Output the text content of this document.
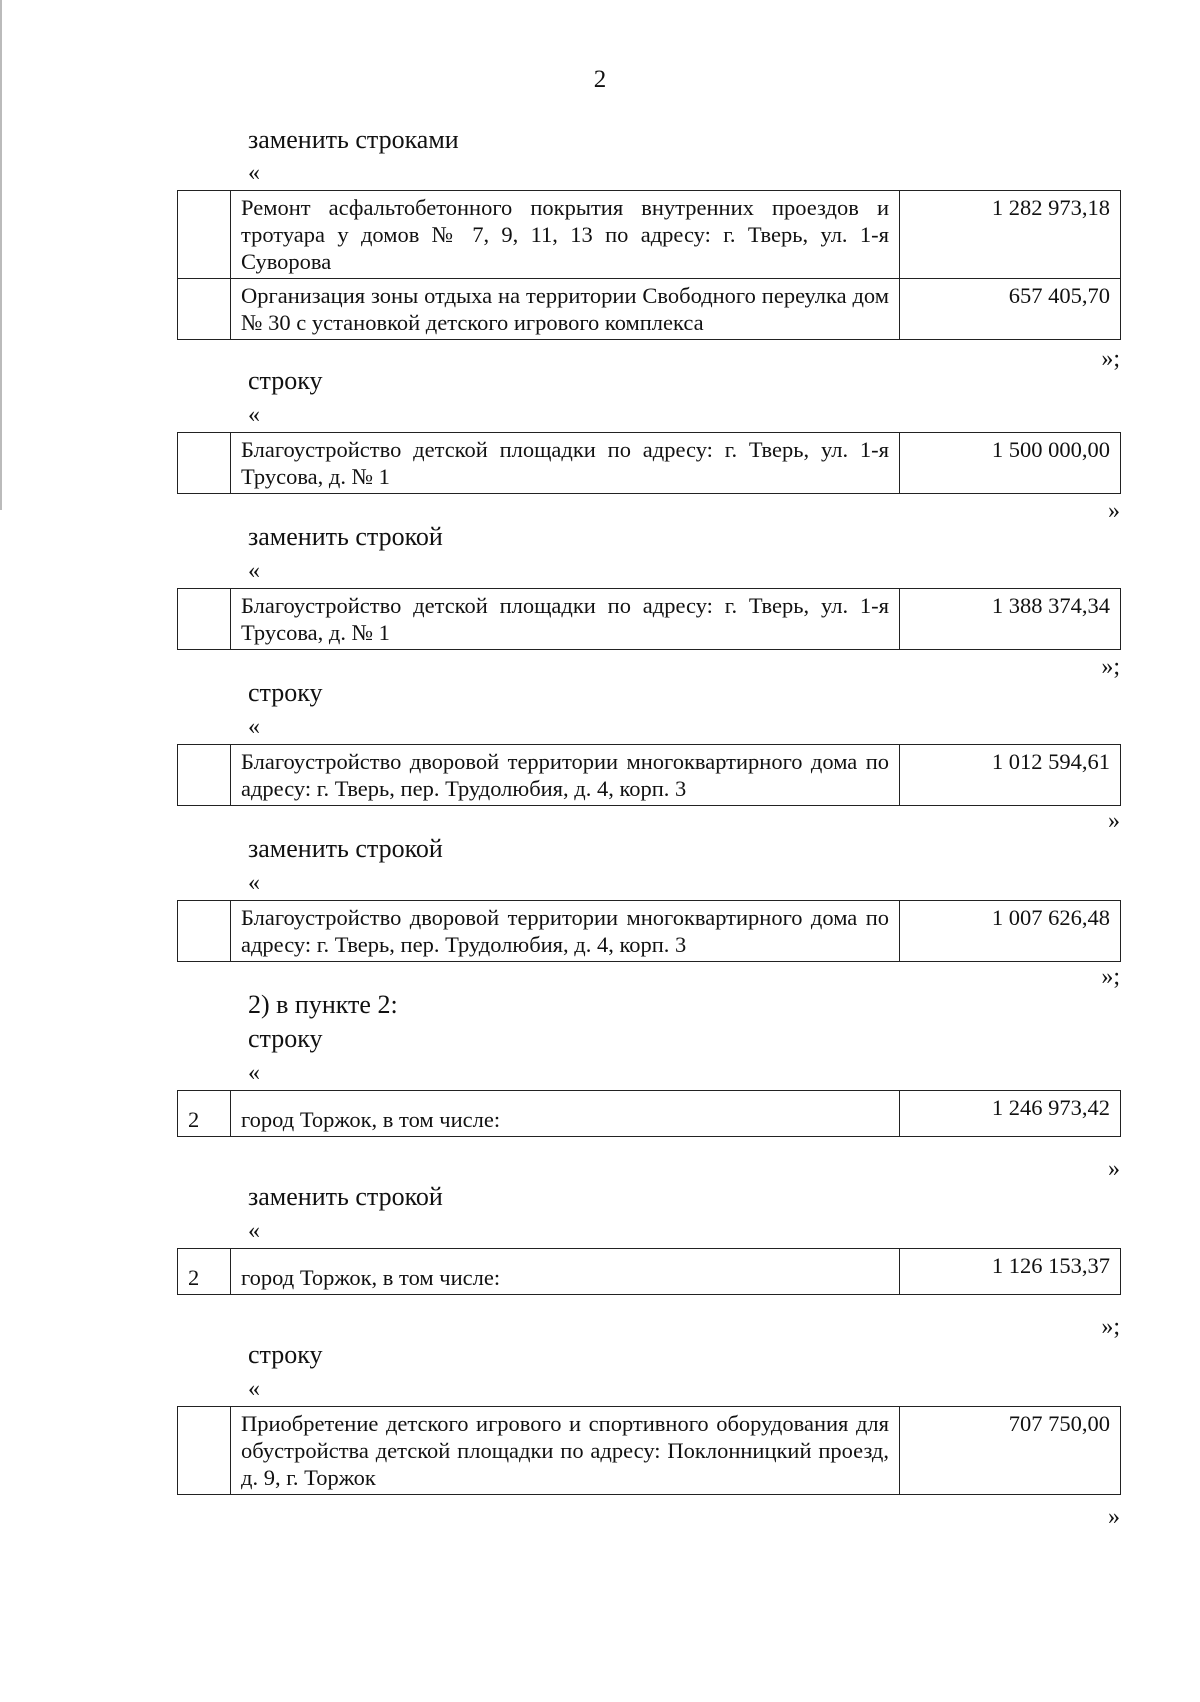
2
заменить строками
«
	Ремонт асфальтобетонного покрытия внутренних проездов и тротуара у домов № 7, 9, 11, 13 по адресу: г. Тверь, ул. 1-я Суворова	1 282 973,18
	Организация зоны отдыха на территории Свободного переулка дом № 30 с установкой детского игрового комплекса	657 405,70
»;
строку
«
	Благоустройство детской площадки по адресу: г. Тверь, ул. 1-я Трусова, д. № 1	1 500 000,00
»
заменить строкой
«
	Благоустройство детской площадки по адресу: г. Тверь, ул. 1-я Трусова, д. № 1	1 388 374,34
»;
строку
«
	Благоустройство дворовой территории многоквартирного дома по адресу: г. Тверь, пер. Трудолюбия, д. 4, корп. 3	1 012 594,61
»
заменить строкой
«
	Благоустройство дворовой территории многоквартирного дома по адресу: г. Тверь, пер. Трудолюбия, д. 4, корп. 3	1 007 626,48
»;
2) в пункте 2:
строку
«
2	город Торжок, в том числе:	1 246 973,42
»
заменить строкой
«
2	город Торжок, в том числе:	1 126 153,37
»;
строку
«
	Приобретение детского игрового и спортивного оборудования для обустройства детской площадки по адресу: Поклонницкий проезд, д. 9, г. Торжок	707 750,00
»
